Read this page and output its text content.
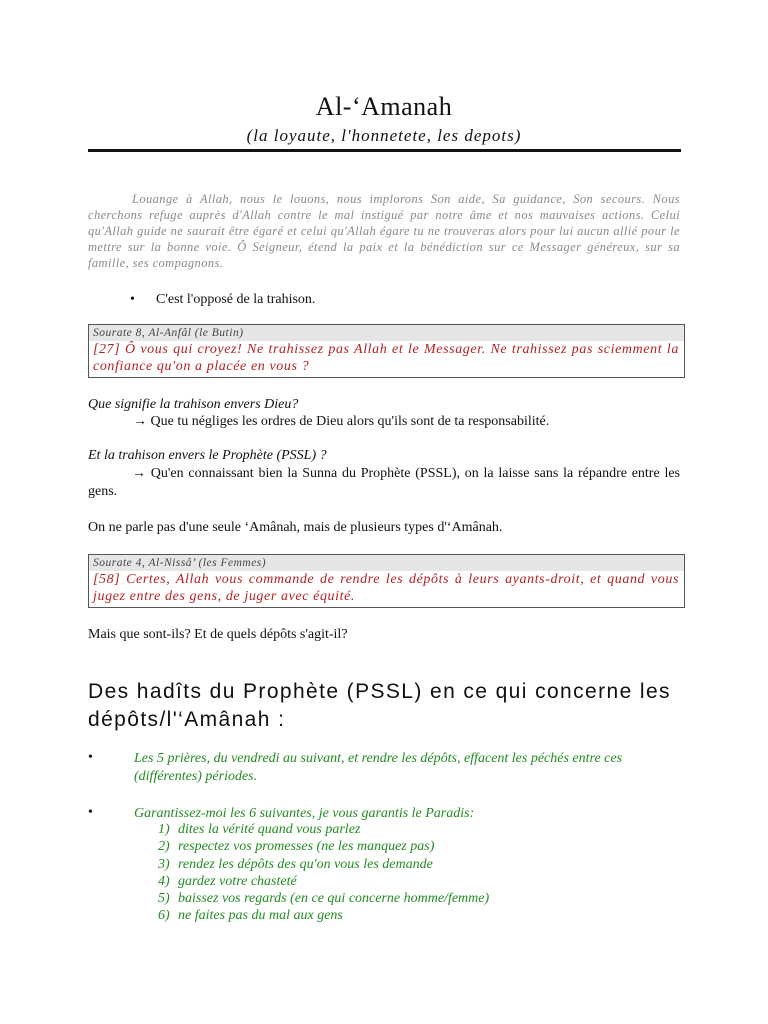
Al-‘Amanah
(la loyaute, l'honnetete, les depots)
Louange à Allah, nous le louons, nous implorons Son aide, Sa guidance, Son secours. Nous cherchons refuge auprès d'Allah contre le mal instigué par notre âme et nos mauvaises actions. Celui qu'Allah guide ne saurait être égaré et celui qu'Allah égare tu ne trouveras alors pour lui aucun allié pour le mettre sur la bonne voie. Ô Seigneur, étend la paix et la bénédiction sur ce Messager généreux, sur sa famille, ses compagnons.
• C'est l'opposé de la trahison.
Sourate 8, Al-Anfâl (le Butin)
[27] Ô vous qui croyez! Ne trahissez pas Allah et le Messager. Ne trahissez pas sciemment la confiance qu'on a placée en vous ?
Que signifie la trahison envers Dieu?
→ Que tu négliges les ordres de Dieu alors qu'ils sont de ta responsabilité.
Et la trahison envers le Prophète (PSSL) ?
→ Qu'en connaissant bien la Sunna du Prophète (PSSL), on la laisse sans la répandre entre les gens.
On ne parle pas d'une seule ‘Amânah, mais de plusieurs types d'‘Amânah.
Sourate 4, Al-Nissâ’ (les Femmes)
[58] Certes, Allah vous commande de rendre les dépôts à leurs ayants-droit, et quand vous jugez entre des gens, de juger avec équité.
Mais que sont-ils? Et de quels dépôts s'agit-il?
Des hadîts du Prophète (PSSL) en ce qui concerne les dépôts/l'‘Amânah :
•	Les 5 prières, du vendredi au suivant, et rendre les dépôts, effacent les péchés entre ces (différentes) périodes.
•	Garantissez-moi les 6 suivantes, je vous garantis le Paradis:
1) dites la vérité quand vous parlez
2) respectez vos promesses (ne les manquez pas)
3) rendez les dépôts des qu'on vous les demande
4) gardez votre chasteté
5) baissez vos regards (en ce qui concerne homme/femme)
6) ne faites pas du mal aux gens
